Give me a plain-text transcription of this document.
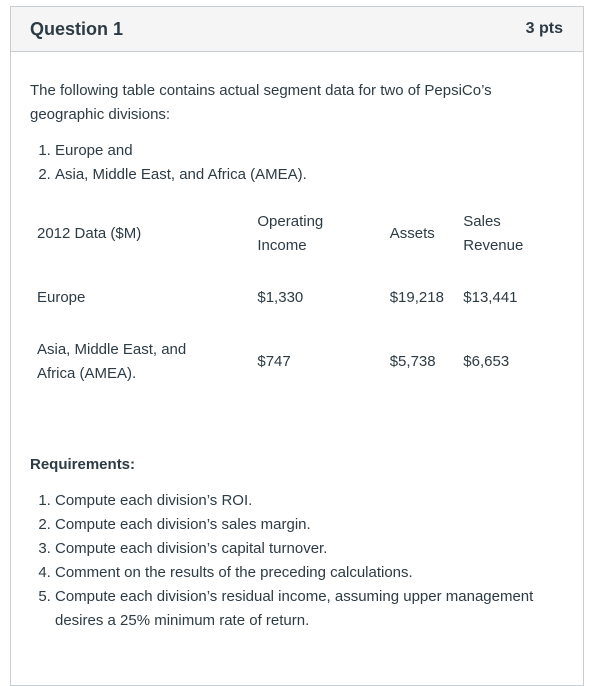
Question 1	3 pts

The following table contains actual segment data for two of PepsiCo’s geographic divisions:

1. Europe and
2. Asia, Middle East, and Africa (AMEA).
2012 Data ($M)	Operating Income	Assets	Sales Revenue
Europe	$1,330	$19,218	$13,441
Asia, Middle East, and Africa (AMEA).	$747	$5,738	$6,653
Requirements:
1. Compute each division’s ROI.
2. Compute each division’s sales margin.
3. Compute each division’s capital turnover.
4. Comment on the results of the preceding calculations.
5. Compute each division’s residual income, assuming upper management desires a 25% minimum rate of return.
